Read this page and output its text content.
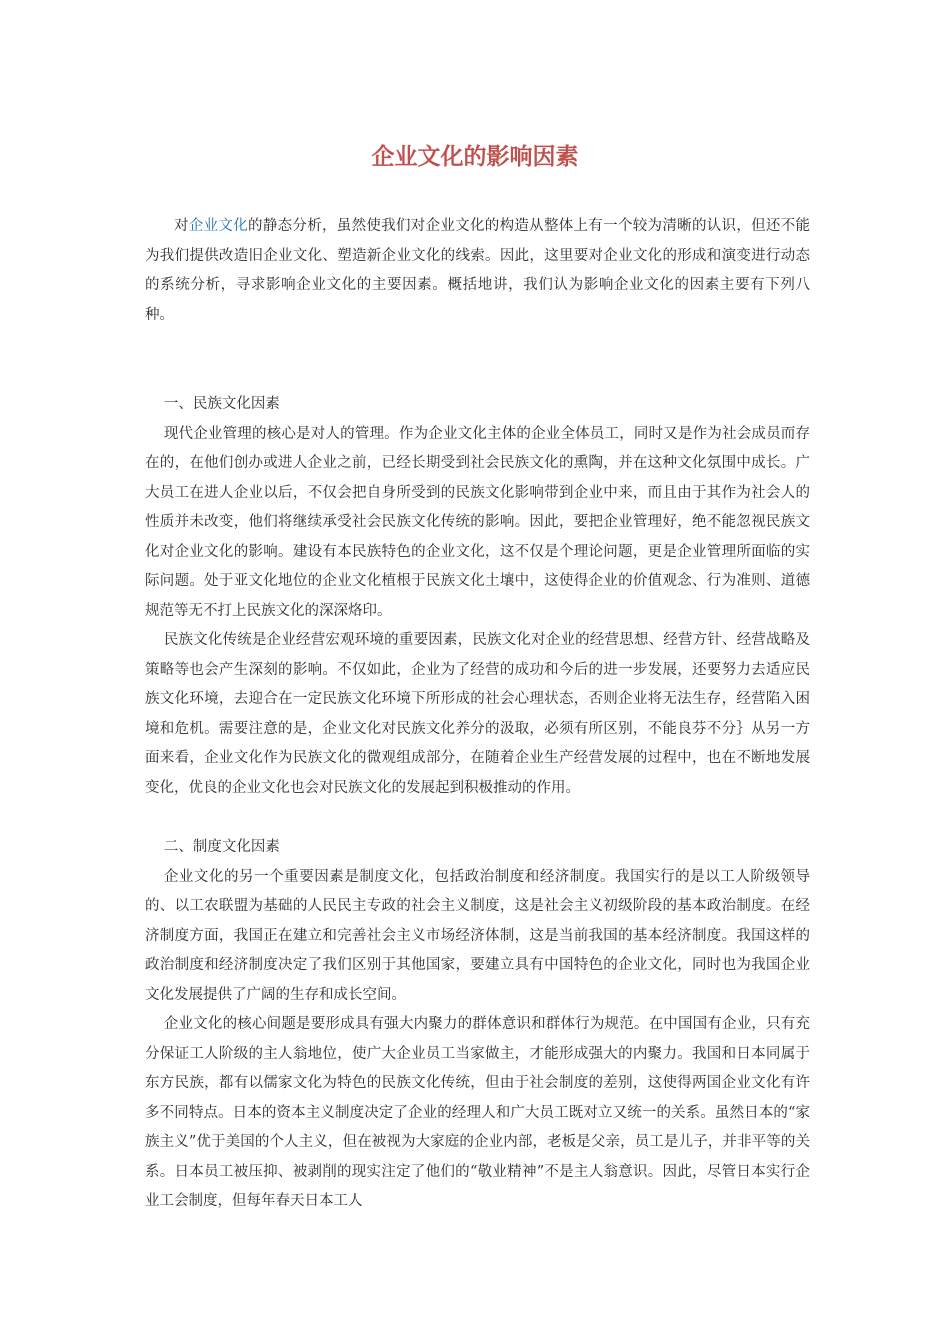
企业文化的影响因素

对企业文化的静态分析，虽然使我们对企业文化的构造从整体上有一个较为清晰的认识，但还不能为我们提供改造旧企业文化、塑造新企业文化的线索。因此，这里要对企业文化的形成和演变进行动态的系统分析，寻求影响企业文化的主要因素。概括地讲，我们认为影响企业文化的因素主要有下列八种。

一、民族文化因素

现代企业管理的核心是对人的管理。作为企业文化主体的企业全体员工，同时又是作为社会成员而存在的，在他们创办或进人企业之前，已经长期受到社会民族文化的熏陶，并在这种文化氛围中成长。广大员工在进人企业以后，不仅会把自身所受到的民族文化影响带到企业中来，而且由于其作为社会人的性质并未改变，他们将继续承受社会民族文化传统的影响。因此，要把企业管理好，绝不能忽视民族文化对企业文化的影响。建设有本民族特色的企业文化，这不仅是个理论问题，更是企业管理所面临的实际问题。处于亚文化地位的企业文化植根于民族文化土壤中，这使得企业的价值观念、行为准则、道德规范等无不打上民族文化的深深烙印。

民族文化传统是企业经营宏观环境的重要因素，民族文化对企业的经营思想、经营方针、经营战略及策略等也会产生深刻的影响。不仅如此，企业为了经营的成功和今后的进一步发展，还要努力去适应民族文化环境，去迎合在一定民族文化环境下所形成的社会心理状态，否则企业将无法生存，经营陷入困境和危机。需要注意的是，企业文化对民族文化养分的汲取，必须有所区别，不能良芬不分｝从另一方面来看，企业文化作为民族文化的微观组成部分，在随着企业生产经营发展的过程中，也在不断地发展变化，优良的企业文化也会对民族文化的发展起到积极推动的作用。

二、制度文化因素

企业文化的另一个重要因素是制度文化，包括政治制度和经济制度。我国实行的是以工人阶级领导的、以工农联盟为基础的人民民主专政的社会主义制度，这是社会主义初级阶段的基本政治制度。在经济制度方面，我国正在建立和完善社会主义市场经济体制，这是当前我国的基本经济制度。我国这样的政治制度和经济制度决定了我们区别于其他国家，要建立具有中国特色的企业文化，同时也为我国企业文化发展提供了广阔的生存和成长空间。

企业文化的核心间题是要形成具有强大内聚力的群体意识和群体行为规范。在中国国有企业，只有充分保证工人阶级的主人翁地位，使广大企业员工当家做主，才能形成强大的内聚力。我国和日本同属于东方民族，都有以儒家文化为特色的民族文化传统，但由于社会制度的差别，这使得两国企业文化有许多不同特点。日本的资本主义制度决定了企业的经理人和广大员工既对立又统一的关系。虽然日本的“家族主义”优于美国的个人主义，但在被视为大家庭的企业内部，老板是父亲，员工是儿子，并非平等的关系。日本员工被压抑、被剥削的现实注定了他们的“敬业精神”不是主人翁意识。因此，尽管日本实行企业工会制度，但每年春天日本工人
